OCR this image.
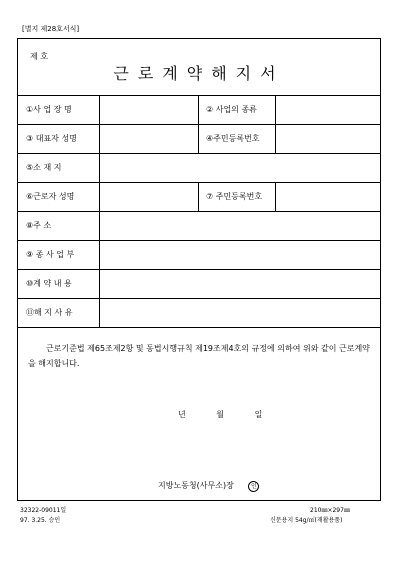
[별지 제28호서식]
제 호
근로계약해지서
①사 업 장 명	② 사업의 종류
③ 대표자 성명	④주민등록번호
⑤소 재 지
⑥근로자 성명	⑦ 주민등록번호
⑧주 소
⑨ 종 사 업 부
⑩계 약 내 용
⑪해 지 사 유
근로기준법 제65조제2항 및 동법시행규칙 제19조제4호의 규정에 의하여 위와 같이 근로계약을 해지합니다.
년	월	일
지방노동청(사무소)장	인
32322-09011일
97. 3.25. 승인
210㎜×297㎜
신문용지 54g/㎡(재활용품)
